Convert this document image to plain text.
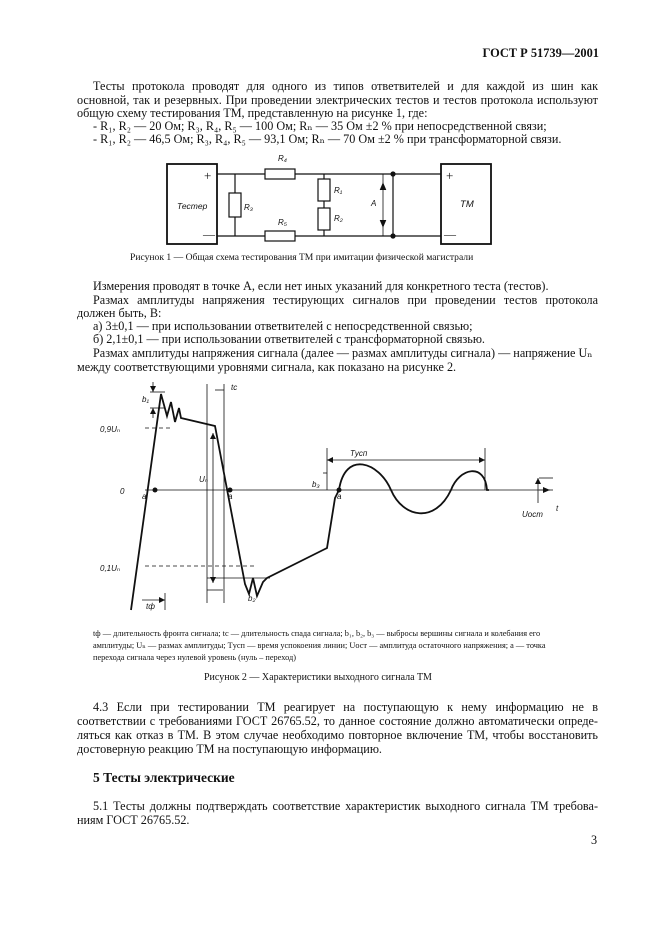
ГОСТ Р 51739—2001
Тесты протокола проводят для одного из типов ответвителей и для каждой из шин как
основной, так и резервных. При проведении электрических тестов и тестов протокола используют
общую схему тестирования ТМ, представленную на рисунке 1, где:
- R₁, R₂ — 20 Ом; R₃, R₄, R₅ — 100 Ом; Rₙ — 35 Ом ±2 % при непосредственной связи;
- R₁, R₂ — 46,5 Ом; R₃, R₄, R₅ — 93,1 Ом; Rₙ — 70 Ом ±2 % при трансформаторной связи.
Тестер
+
—
ТМ
+
—
R₄
R₅
R₃
R₁
R₂
A
Рисунок 1 — Общая схема тестирования ТМ при имитации физической магистрали
Измерения проводят в точке А, если нет иных указаний для конкретного теста (тестов).
Размах амплитуды напряжения тестирующих сигналов при проведении тестов протокола
должен быть, В:
а) 3±0,1 — при использовании ответвителей с непосредственной связью;
б) 2,1±0,1 — при использовании ответвителей с трансформаторной связью.
Размах амплитуды напряжения сигнала (далее — размах амплитуды сигнала) — напряжение Uₙ
между соответствующими уровнями сигнала, как показано на рисунке 2.
0,9Uₙ
0
0,1Uₙ
b₁
b₂
b₃
tc
tф
Tусп
Uₙ
Uост
a	a	a
t
tф — длительность фронта сигнала; tс — длительность спада сигнала; b₁, b₂, b₃ — выбросы вершины сигнала и колебания его
амплитуды; Uₙ — размах амплитуды; Tусп — время успокоения линии; Uост — амплитуда остаточного напряжения; а — точка
перехода сигнала через нулевой уровень (нуль – переход)
Рисунок 2 — Характеристики выходного сигнала ТМ
4.3 Если при тестировании ТМ реагирует на поступающую к нему информацию не в
соответствии с требованиями ГОСТ 26765.52, то данное состояние должно автоматически опреде-
ляться как отказ в ТМ. В этом случае необходимо повторное включение ТМ, чтобы восстановить
достоверную реакцию ТМ на поступающую информацию.
5 Тесты электрические
5.1 Тесты должны подтверждать соответствие характеристик выходного сигнала ТМ требова-
ниям ГОСТ 26765.52.
3
